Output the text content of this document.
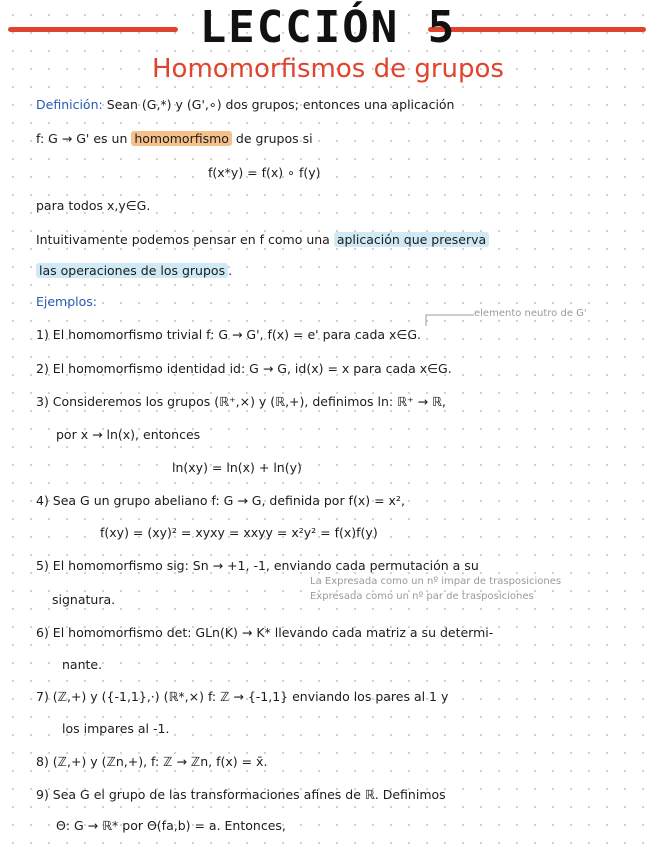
LECCIÓN 5
Homomorfismos de grupos
Definición: Sean (G,*) y (G',∘) dos grupos; entonces una aplicación
f: G → G' es un homomorfismo de grupos si
f(x*y) = f(x) ∘ f(y)
para todos x,y∈G.
Intuitivamente podemos pensar en f como una aplicación que preserva
las operaciones de los grupos .
Ejemplos:
elemento neutro de G'
1) El homomorfismo trivial f: G → G', f(x) = e' para cada x∈G.
2) El homomorfismo identidad id: G → G, id(x) = x para cada x∈G.
3) Consideremos los grupos (ℝ⁺,×) y (ℝ,+), definimos ln: ℝ⁺ → ℝ,
por x → ln(x), entonces
ln(xy) = ln(x) + ln(y)
4) Sea G un grupo abeliano f: G → G, definida por f(x) = x²,
f(xy) = (xy)² = xyxy = xxyy = x²y² = f(x)f(y)
5) El homomorfismo sig: Sn → +1, -1, enviando cada permutación a su
La Expresada como un nº impar de trasposiciones
Expresada como un nº par de trasposiciones
signatura.
6) El homomorfismo det: GLn(K) → K* llevando cada matriz a su determi-
nante.
7) (ℤ,+) y ({-1,1},·) (ℝ*,×) f: ℤ → {-1,1} enviando los pares al 1 y
los impares al -1.
8) (ℤ,+) y (ℤn,+), f: ℤ → ℤn, f(x) = x̄.
9) Sea G el grupo de las transformaciones afines de ℝ. Definimos
Θ: G → ℝ* por Θ(fa,b) = a. Entonces,
